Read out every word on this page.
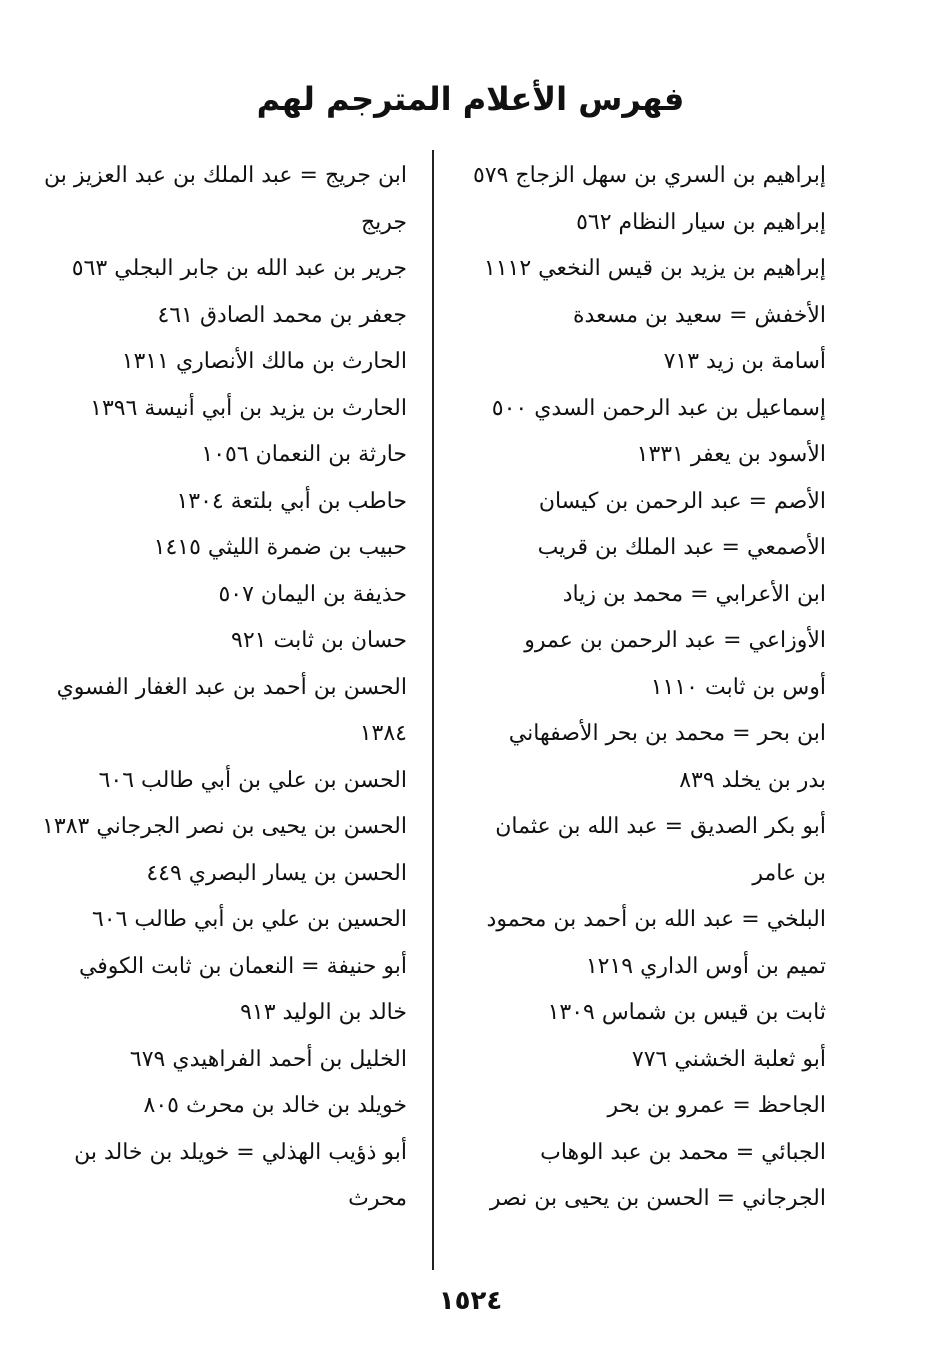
فهرس الأعلام المترجم لهم
إبراهيم بن السري بن سهل الزجاج ٥٧٩
إبراهيم بن سيار النظام ٥٦٢
إبراهيم بن يزيد بن قيس النخعي ١١١٢
الأخفش = سعيد بن مسعدة
أسامة بن زيد ٧١٣
إسماعيل بن عبد الرحمن السدي ٥٠٠
الأسود بن يعفر ١٣٣١
الأصم = عبد الرحمن بن كيسان
الأصمعي = عبد الملك بن قريب
ابن الأعرابي = محمد بن زياد
الأوزاعي = عبد الرحمن بن عمرو
أوس بن ثابت ١١١٠
ابن بحر = محمد بن بحر الأصفهاني
بدر بن يخلد ٨٣٩
أبو بكر الصديق = عبد الله بن عثمان بن عامر
البلخي = عبد الله بن أحمد بن محمود
تميم بن أوس الداري ١٢١٩
ثابت بن قيس بن شماس ١٣٠٩
أبو ثعلبة الخشني ٧٧٦
الجاحظ = عمرو بن بحر
الجبائي = محمد بن عبد الوهاب
الجرجاني = الحسن بن يحيى بن نصر
ابن جريج = عبد الملك بن عبد العزيز بن جريج
جرير بن عبد الله بن جابر البجلي ٥٦٣
جعفر بن محمد الصادق ٤٦١
الحارث بن مالك الأنصاري ١٣١١
الحارث بن يزيد بن أبي أنيسة ١٣٩٦
حارثة بن النعمان ١٠٥٦
حاطب بن أبي بلتعة ١٣٠٤
حبيب بن ضمرة الليثي ١٤١٥
حذيفة بن اليمان ٥٠٧
حسان بن ثابت ٩٢١
الحسن بن أحمد بن عبد الغفار الفسوي ١٣٨٤
الحسن بن علي بن أبي طالب ٦٠٦
الحسن بن يحيى بن نصر الجرجاني ١٣٨٣
الحسن بن يسار البصري ٤٤٩
الحسين بن علي بن أبي طالب ٦٠٦
أبو حنيفة = النعمان بن ثابت الكوفي
خالد بن الوليد ٩١٣
الخليل بن أحمد الفراهيدي ٦٧٩
خويلد بن خالد بن محرث ٨٠٥
أبو ذؤيب الهذلي = خويلد بن خالد بن محرث
١٥٢٤
